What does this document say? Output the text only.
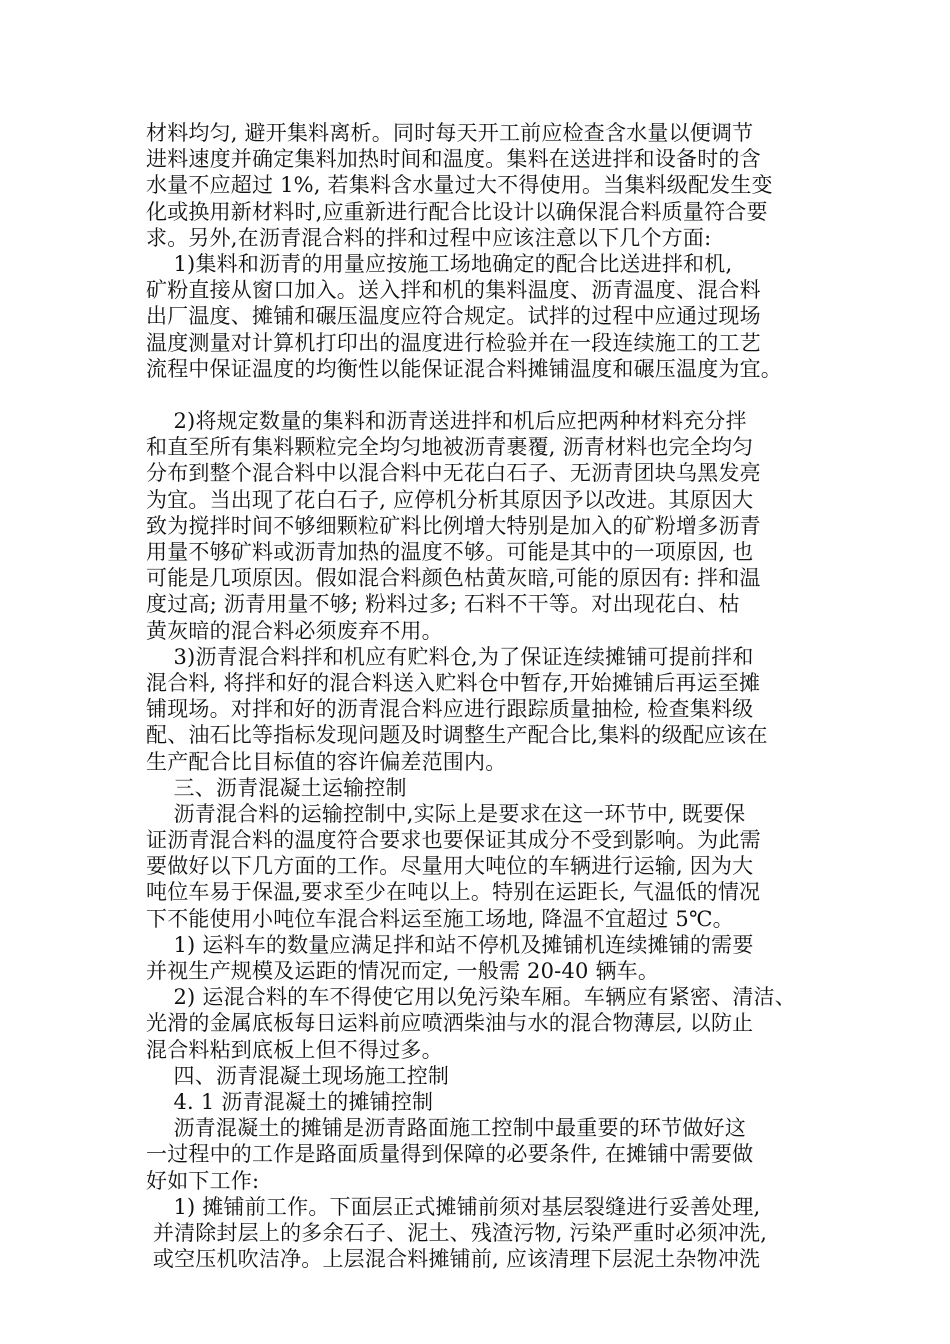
材料均匀, 避开集料离析。同时每天开工前应检查含水量以便调节
进料速度并确定集料加热时间和温度。集料在送进拌和设备时的含
水量不应超过 1%, 若集料含水量过大不得使用。当集料级配发生变
化或换用新材料时,应重新进行配合比设计以确保混合料质量符合要
求。另外,在沥青混合料的拌和过程中应该注意以下几个方面:
1)集料和沥青的用量应按施工场地确定的配合比送进拌和机,
矿粉直接从窗口加入。送入拌和机的集料温度、沥青温度、混合料
出厂温度、摊铺和碾压温度应符合规定。试拌的过程中应通过现场
温度测量对计算机打印出的温度进行检验并在一段连续施工的工艺
流程中保证温度的均衡性以能保证混合料摊铺温度和碾压温度为宜。
2)将规定数量的集料和沥青送进拌和机后应把两种材料充分拌
和直至所有集料颗粒完全均匀地被沥青裹覆, 沥青材料也完全均匀
分布到整个混合料中以混合料中无花白石子、无沥青团块乌黑发亮
为宜。当出现了花白石子, 应停机分析其原因予以改进。其原因大
致为搅拌时间不够细颗粒矿料比例增大特别是加入的矿粉增多沥青
用量不够矿料或沥青加热的温度不够。可能是其中的一项原因, 也
可能是几项原因。假如混合料颜色枯黄灰暗,可能的原因有: 拌和温
度过高; 沥青用量不够; 粉料过多; 石料不干等。对出现花白、枯
黄灰暗的混合料必须废弃不用。
3)沥青混合料拌和机应有贮料仓,为了保证连续摊铺可提前拌和
混合料, 将拌和好的混合料送入贮料仓中暂存,开始摊铺后再运至摊
铺现场。对拌和好的沥青混合料应进行跟踪质量抽检, 检查集料级
配、油石比等指标发现问题及时调整生产配合比,集料的级配应该在
生产配合比目标值的容许偏差范围内。
三、沥青混凝土运输控制
沥青混合料的运输控制中,实际上是要求在这一环节中, 既要保
证沥青混合料的温度符合要求也要保证其成分不受到影响。为此需
要做好以下几方面的工作。尽量用大吨位的车辆进行运输, 因为大
吨位车易于保温,要求至少在吨以上。特别在运距长, 气温低的情况
下不能使用小吨位车混合料运至施工场地, 降温不宜超过 5℃。
1) 运料车的数量应满足拌和站不停机及摊铺机连续摊铺的需要
并视生产规模及运距的情况而定, 一般需 20-40 辆车。
2) 运混合料的车不得使它用以免污染车厢。车辆应有紧密、清洁、
光滑的金属底板每日运料前应喷洒柴油与水的混合物薄层, 以防止
混合料粘到底板上但不得过多。
四、沥青混凝土现场施工控制
4. 1 沥青混凝土的摊铺控制
沥青混凝土的摊铺是沥青路面施工控制中最重要的环节做好这
一过程中的工作是路面质量得到保障的必要条件, 在摊铺中需要做
好如下工作:
1) 摊铺前工作。下面层正式摊铺前须对基层裂缝进行妥善处理,
并清除封层上的多余石子、泥土、残渣污物, 污染严重时必须冲洗,
或空压机吹洁净。上层混合料摊铺前, 应该清理下层泥土杂物冲洗
